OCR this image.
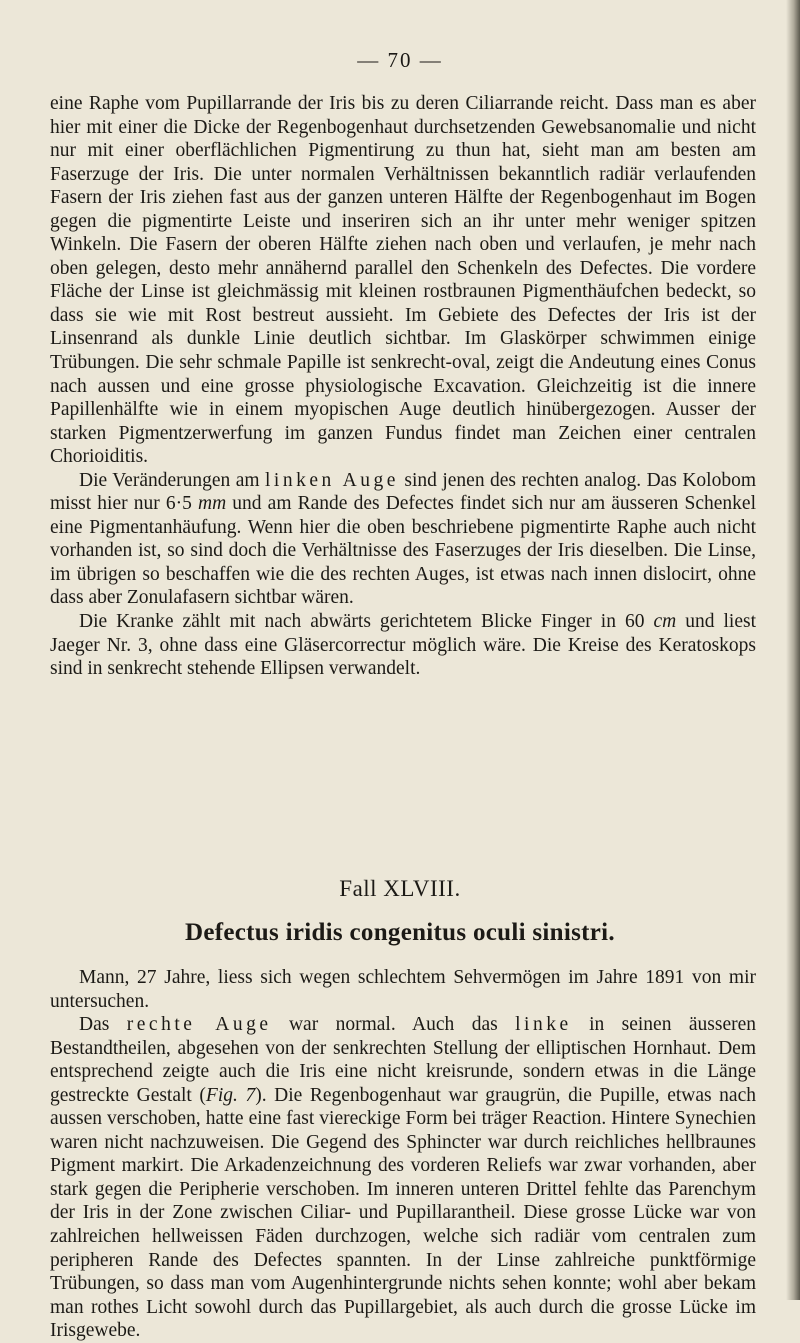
— 70 —

eine Raphe vom Pupillarrande der Iris bis zu deren Ciliarrande reicht. Dass man es aber hier mit einer die Dicke der Regenbogenhaut durchsetzenden Gewebsanomalie und nicht nur mit einer oberflächlichen Pigmentirung zu thun hat, sieht man am besten am Faserzuge der Iris. Die unter normalen Verhältnissen bekanntlich radiär verlaufenden Fasern der Iris ziehen fast aus der ganzen unteren Hälfte der Regenbogenhaut im Bogen gegen die pigmentirte Leiste und inseriren sich an ihr unter mehr weniger spitzen Winkeln. Die Fasern der oberen Hälfte ziehen nach oben und verlaufen, je mehr nach oben gelegen, desto mehr annähernd parallel den Schenkeln des Defectes. Die vordere Fläche der Linse ist gleichmässig mit kleinen rostbraunen Pigmenthäufchen bedeckt, so dass sie wie mit Rost bestreut aussieht. Im Gebiete des Defectes der Iris ist der Linsenrand als dunkle Linie deutlich sichtbar. Im Glaskörper schwimmen einige Trübungen. Die sehr schmale Papille ist senkrecht-oval, zeigt die Andeutung eines Conus nach aussen und eine grosse physiologische Excavation. Gleichzeitig ist die innere Papillenhälfte wie in einem myopischen Auge deutlich hinübergezogen. Ausser der starken Pigmentzerwerfung im ganzen Fundus findet man Zeichen einer centralen Chorioiditis.

Die Veränderungen am linken Auge sind jenen des rechten analog. Das Kolobom misst hier nur 6·5 mm und am Rande des Defectes findet sich nur am äusseren Schenkel eine Pigmentanhäufung. Wenn hier die oben beschriebene pigmentirte Raphe auch nicht vorhanden ist, so sind doch die Verhältnisse des Faserzuges der Iris dieselben. Die Linse, im übrigen so beschaffen wie die des rechten Auges, ist etwas nach innen dislocirt, ohne dass aber Zonulafasern sichtbar wären.

Die Kranke zählt mit nach abwärts gerichtetem Blicke Finger in 60 cm und liest Jaeger Nr. 3, ohne dass eine Gläsercorrectur möglich wäre. Die Kreise des Keratoskops sind in senkrecht stehende Ellipsen verwandelt.

Fall XLVIII.
Defectus iridis congenitus oculi sinistri.

Mann, 27 Jahre, liess sich wegen schlechtem Sehvermögen im Jahre 1891 von mir untersuchen.

Das rechte Auge war normal. Auch das linke in seinen äusseren Bestandtheilen, abgesehen von der senkrechten Stellung der elliptischen Hornhaut. Dem entsprechend zeigte auch die Iris eine nicht kreisrunde, sondern etwas in die Länge gestreckte Gestalt (Fig. 7). Die Regenbogenhaut war graugrün, die Pupille, etwas nach aussen verschoben, hatte eine fast viereckige Form bei träger Reaction. Hintere Synechien waren nicht nachzuweisen. Die Gegend des Sphincter war durch reichliches hellbraunes Pigment markirt. Die Arkadenzeichnung des vorderen Reliefs war zwar vorhanden, aber stark gegen die Peripherie verschoben. Im inneren unteren Drittel fehlte das Parenchym der Iris in der Zone zwischen Ciliar- und Pupillarantheil. Diese grosse Lücke war von zahlreichen hellweissen Fäden durchzogen, welche sich radiär vom centralen zum peripheren Rande des Defectes spannten. In der Linse zahlreiche punktförmige Trübungen, so dass man vom Augenhintergrunde nichts sehen konnte; wohl aber bekam man rothes Licht sowohl durch das Pupillargebiet, als auch durch die grosse Lücke im Irisgewebe.
